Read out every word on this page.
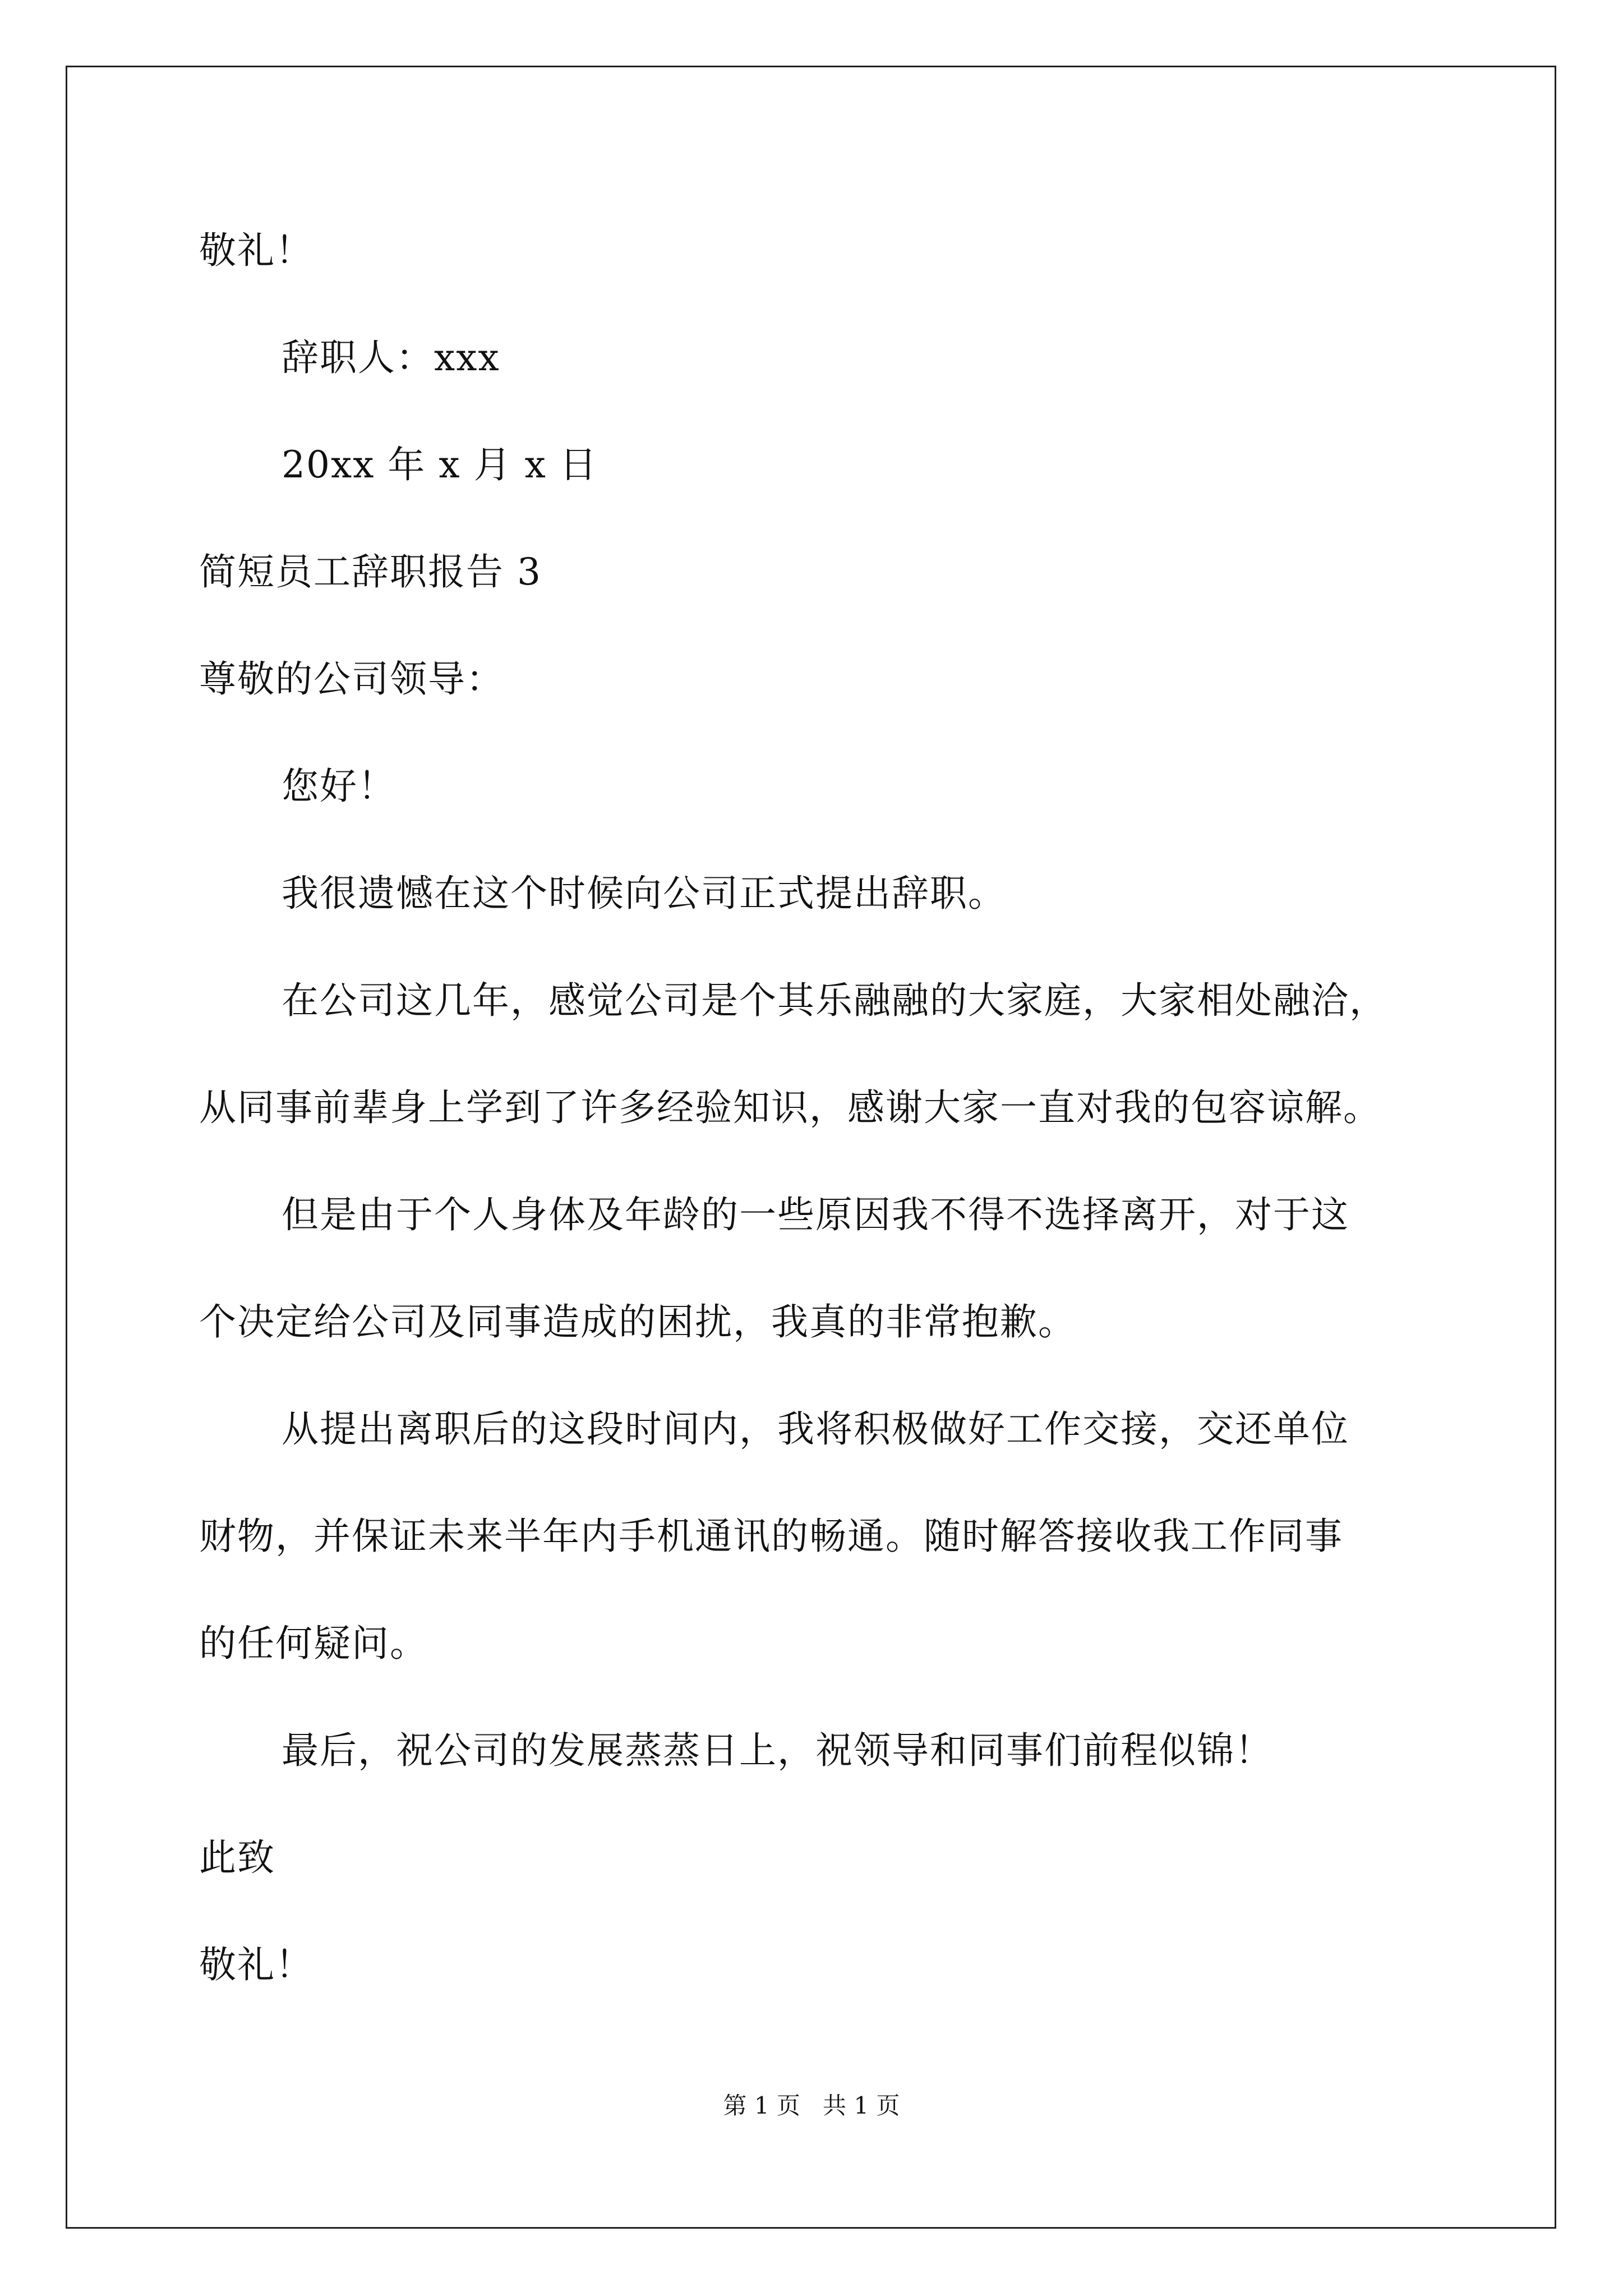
敬礼！
辞职人：xxx
20xx 年 x 月 x 日
简短员工辞职报告 3
尊敬的公司领导：
您好！
我很遗憾在这个时候向公司正式提出辞职。
在公司这几年，感觉公司是个其乐融融的大家庭，大家相处融洽，
从同事前辈身上学到了许多经验知识，感谢大家一直对我的包容谅解。
但是由于个人身体及年龄的一些原因我不得不选择离开，对于这
个决定给公司及同事造成的困扰，我真的非常抱歉。
从提出离职后的这段时间内，我将积极做好工作交接，交还单位
财物，并保证未来半年内手机通讯的畅通。随时解答接收我工作同事
的任何疑问。
最后，祝公司的发展蒸蒸日上，祝领导和同事们前程似锦！
此致
敬礼！
第 1 页   共 1 页
